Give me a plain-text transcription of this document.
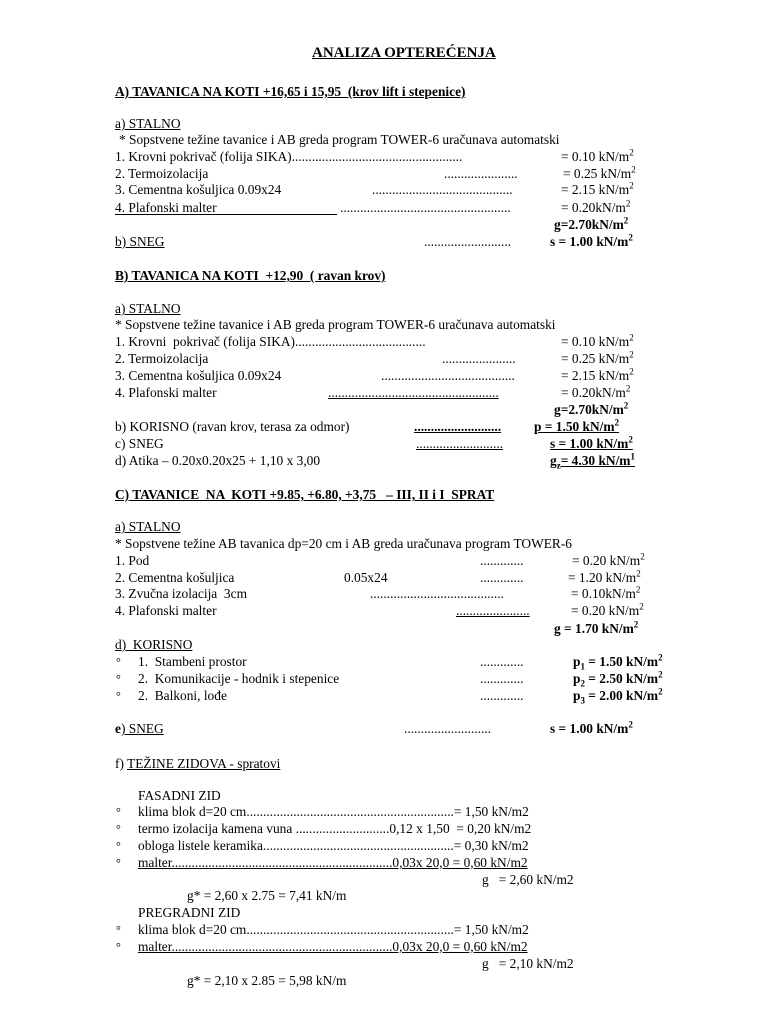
ANALIZA OPTEREĆENJA
A) TAVANICA NA KOTI +16,65 i 15,95  (krov lift i stepenice)
a) STALNO
* Sopstvene težine tavanice i AB greda program TOWER-6 uračunava automatski
1. Krovni pokrivač (folija SIKA)...................................................	= 0.10 $kN/m^2$
2. Termoizolacija	......................	= 0.25 $kN/m^2$
3. Cementna košuljica 0.09x24	..........................................	= 2.15 $kN/m^2$
4. Plafonski malter	...................................................	= $0.20kN/m^2$
$g=2.70kN/m^2$
b) SNEG	..........................	s = 1.00 $kN/m^2$
B) TAVANICA NA KOTI  +12,90  ( ravan krov)
a) STALNO
* Sopstvene težine tavanice i AB greda program TOWER-6 uračunava automatski
1. Krovni  pokrivač (folija SIKA).......................................	= 0.10 $kN/m^2$
2. Termoizolacija	......................	= 0.25 $kN/m^2$
3. Cementna košuljica 0.09x24	........................................	= 2.15 $kN/m^2$
4. Plafonski malter	...................................................	= $0.20kN/m^2$
$g=2.70kN/m^2$
b) KORISNO (ravan krov, terasa za odmor)	.......................... p = 1.50 $kN/m^2$
c) SNEG	..........................	s = 1.00 $kN/m^2$
d) Atika – 0.20x0.20x25 + 1,10 x 3,00	$g_z= 4.30$ $kN/m^1$
C) TAVANICE  NA  KOTI +9.85, +6.80, +3,75   – III, II i I  SPRAT
a) STALNO
* Sopstvene težine AB tavanica dp=20 cm i AB greda uračunava program TOWER-6
1. Pod	.............	= 0.20 $kN/m^2$
2. Cementna košuljica	0.05x24	.............	= 1.20 $kN/m^2$
3. Zvučna izolacija  3cm	........................................	= $0.10kN/m^2$
4. Plafonski malter	......................	= 0.20 $kN/m^2$
g = 1.70 $kN/m^2$
d)  KORISNO
° 1.  Stambeni prostor	.............	$p_1 = 1.50$ $kN/m^2$
° 2.  Komunikacije - hodnik i stepenice	.............	$p_2 = 2.50$ $kN/m^2$
° 2.  Balkoni, lođe	.............	$p_3 = 2.00$ $kN/m^2$
e) SNEG	..........................	s = 1.00 $kN/m^2$
f) TEŽINE ZIDOVA - spratovi
FASADNI ZID
° klima blok d=20 cm..............................................................= 1,50 kN/m2
° termo izolacija kamena vuna ............................0,12 x 1,50  = 0,20 kN/m2
° obloga listele keramika.........................................................= 0,30 kN/m2
° malter..................................................................0,03x 20,0 = 0,60 kN/m2
g   = 2,60 kN/m2
g* = 2,60 x 2.75 = 7,41 kN/m
PREGRADNI ZID
° klima blok d=20 cm..............................................................= 1,50 kN/m2
° malter..................................................................0,03x 20,0 = 0,60 kN/m2
g   = 2,10 kN/m2
g* = 2,10 x 2.85 = 5,98 kN/m
